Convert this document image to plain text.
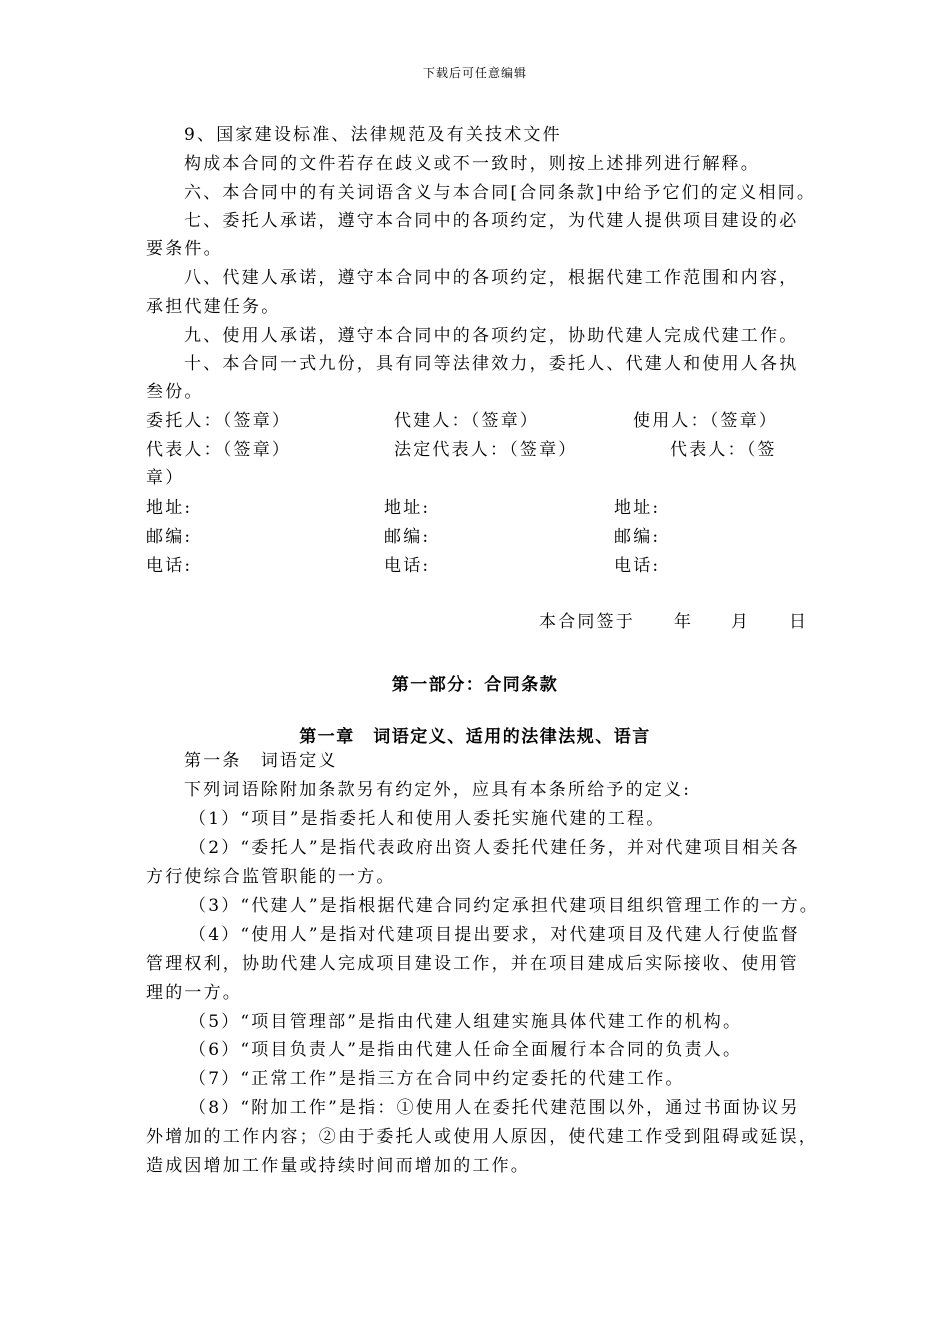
下载后可任意编辑
9、国家建设标准、法律规范及有关技术文件
构成本合同的文件若存在歧义或不一致时，则按上述排列进行解释。
六、本合同中的有关词语含义与本合同[合同条款]中给予它们的定义相同。
七、委托人承诺，遵守本合同中的各项约定，为代建人提供项目建设的必
要条件。
八、代建人承诺，遵守本合同中的各项约定，根据代建工作范围和内容，
承担代建任务。
九、使用人承诺，遵守本合同中的各项约定，协助代建人完成代建工作。
十、本合同一式九份，具有同等法律效力，委托人、代建人和使用人各执
叁份。
委托人：（签章）	代建人：（签章）	使用人：（签章）
代表人：（签章）	法定代表人：（签章）	代表人：（签
章）
地址:	地址:	地址:
邮编:	邮编:	邮编:
电话:	电话:	电话:
本合同签于 年 月 日
第一部分：合同条款
第一章　词语定义、适用的法律法规、语言
第一条　词语定义
下列词语除附加条款另有约定外，应具有本条所给予的定义:
（1）“项目”是指委托人和使用人委托实施代建的工程。
（2）“委托人”是指代表政府出资人委托代建任务，并对代建项目相关各
方行使综合监管职能的一方。
（3）“代建人”是指根据代建合同约定承担代建项目组织管理工作的一方。
（4）“使用人”是指对代建项目提出要求，对代建项目及代建人行使监督
管理权利，协助代建人完成项目建设工作，并在项目建成后实际接收、使用管
理的一方。
（5）“项目管理部”是指由代建人组建实施具体代建工作的机构。
（6）“项目负责人”是指由代建人任命全面履行本合同的负责人。
（7）“正常工作”是指三方在合同中约定委托的代建工作。
（8）“附加工作”是指：①使用人在委托代建范围以外，通过书面协议另
外增加的工作内容；②由于委托人或使用人原因，使代建工作受到阻碍或延误，
造成因增加工作量或持续时间而增加的工作。
